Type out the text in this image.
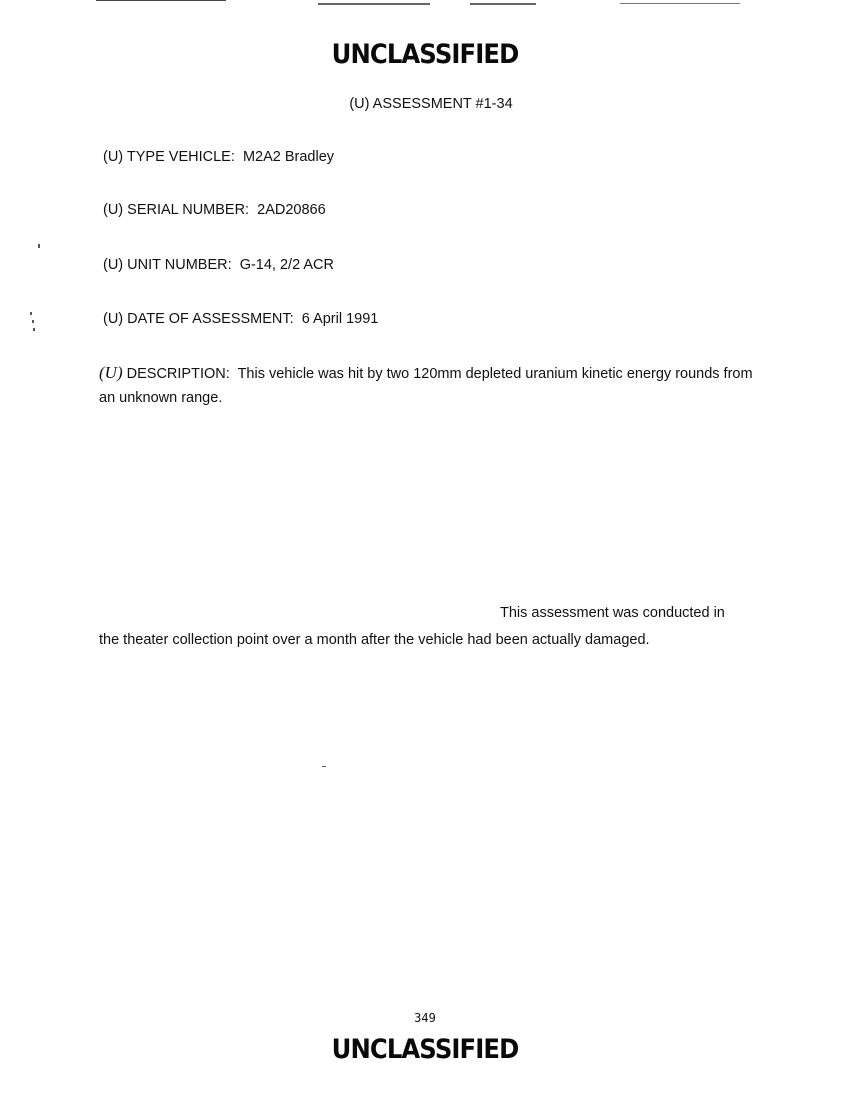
UNCLASSIFIED
(U) ASSESSMENT #1-34
(U) TYPE VEHICLE: M2A2 Bradley
(U) SERIAL NUMBER: 2AD20866
(U) UNIT NUMBER: G-14, 2/2 ACR
(U) DATE OF ASSESSMENT: 6 April 1991
(U) DESCRIPTION: This vehicle was hit by two 120mm depleted uranium kinetic energy rounds from an unknown range.
This assessment was conducted in
the theater collection point over a month after the vehicle had been actually damaged.
349
UNCLASSIFIED
